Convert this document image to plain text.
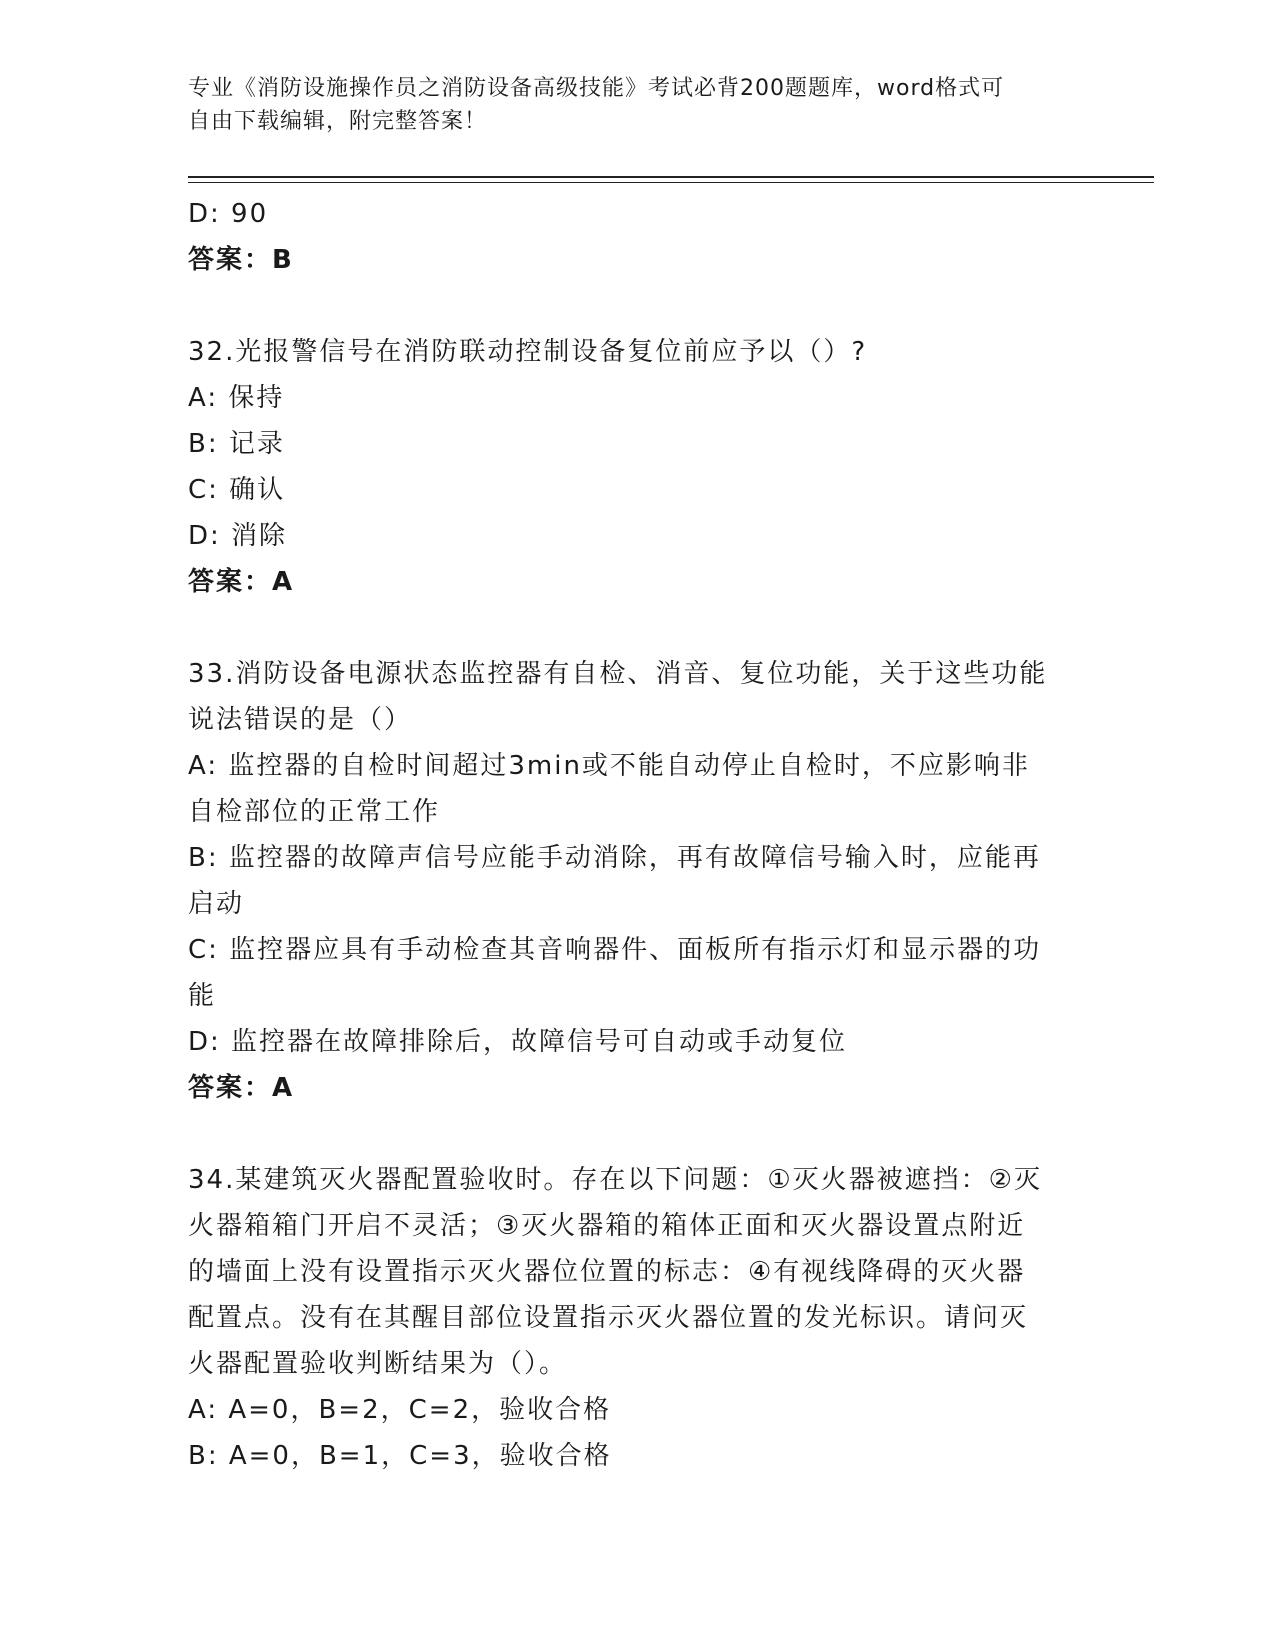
专业《消防设施操作员之消防设备高级技能》考试必背200题题库，word格式可
自由下载编辑，附完整答案！
D: 90
答案：B
32.光报警信号在消防联动控制设备复位前应予以（）?
A: 保持
B: 记录
C: 确认
D: 消除
答案：A
33.消防设备电源状态监控器有自检、消音、复位功能，关于这些功能
说法错误的是（）
A: 监控器的自检时间超过3min或不能自动停止自检时，不应影响非
自检部位的正常工作
B: 监控器的故障声信号应能手动消除，再有故障信号输入时，应能再
启动
C: 监控器应具有手动检查其音响器件、面板所有指示灯和显示器的功
能
D: 监控器在故障排除后，故障信号可自动或手动复位
答案：A
34.某建筑灭火器配置验收时。存在以下问题：①灭火器被遮挡：②灭
火器箱箱门开启不灵活；③灭火器箱的箱体正面和灭火器设置点附近
的墙面上没有设置指示灭火器位位置的标志：④有视线降碍的灭火器
配置点。没有在其醒目部位设置指示灭火器位置的发光标识。请问灭
火器配置验收判断结果为（）。
A: A=0，B=2，C=2，验收合格
B: A=0，B=1，C=3，验收合格
